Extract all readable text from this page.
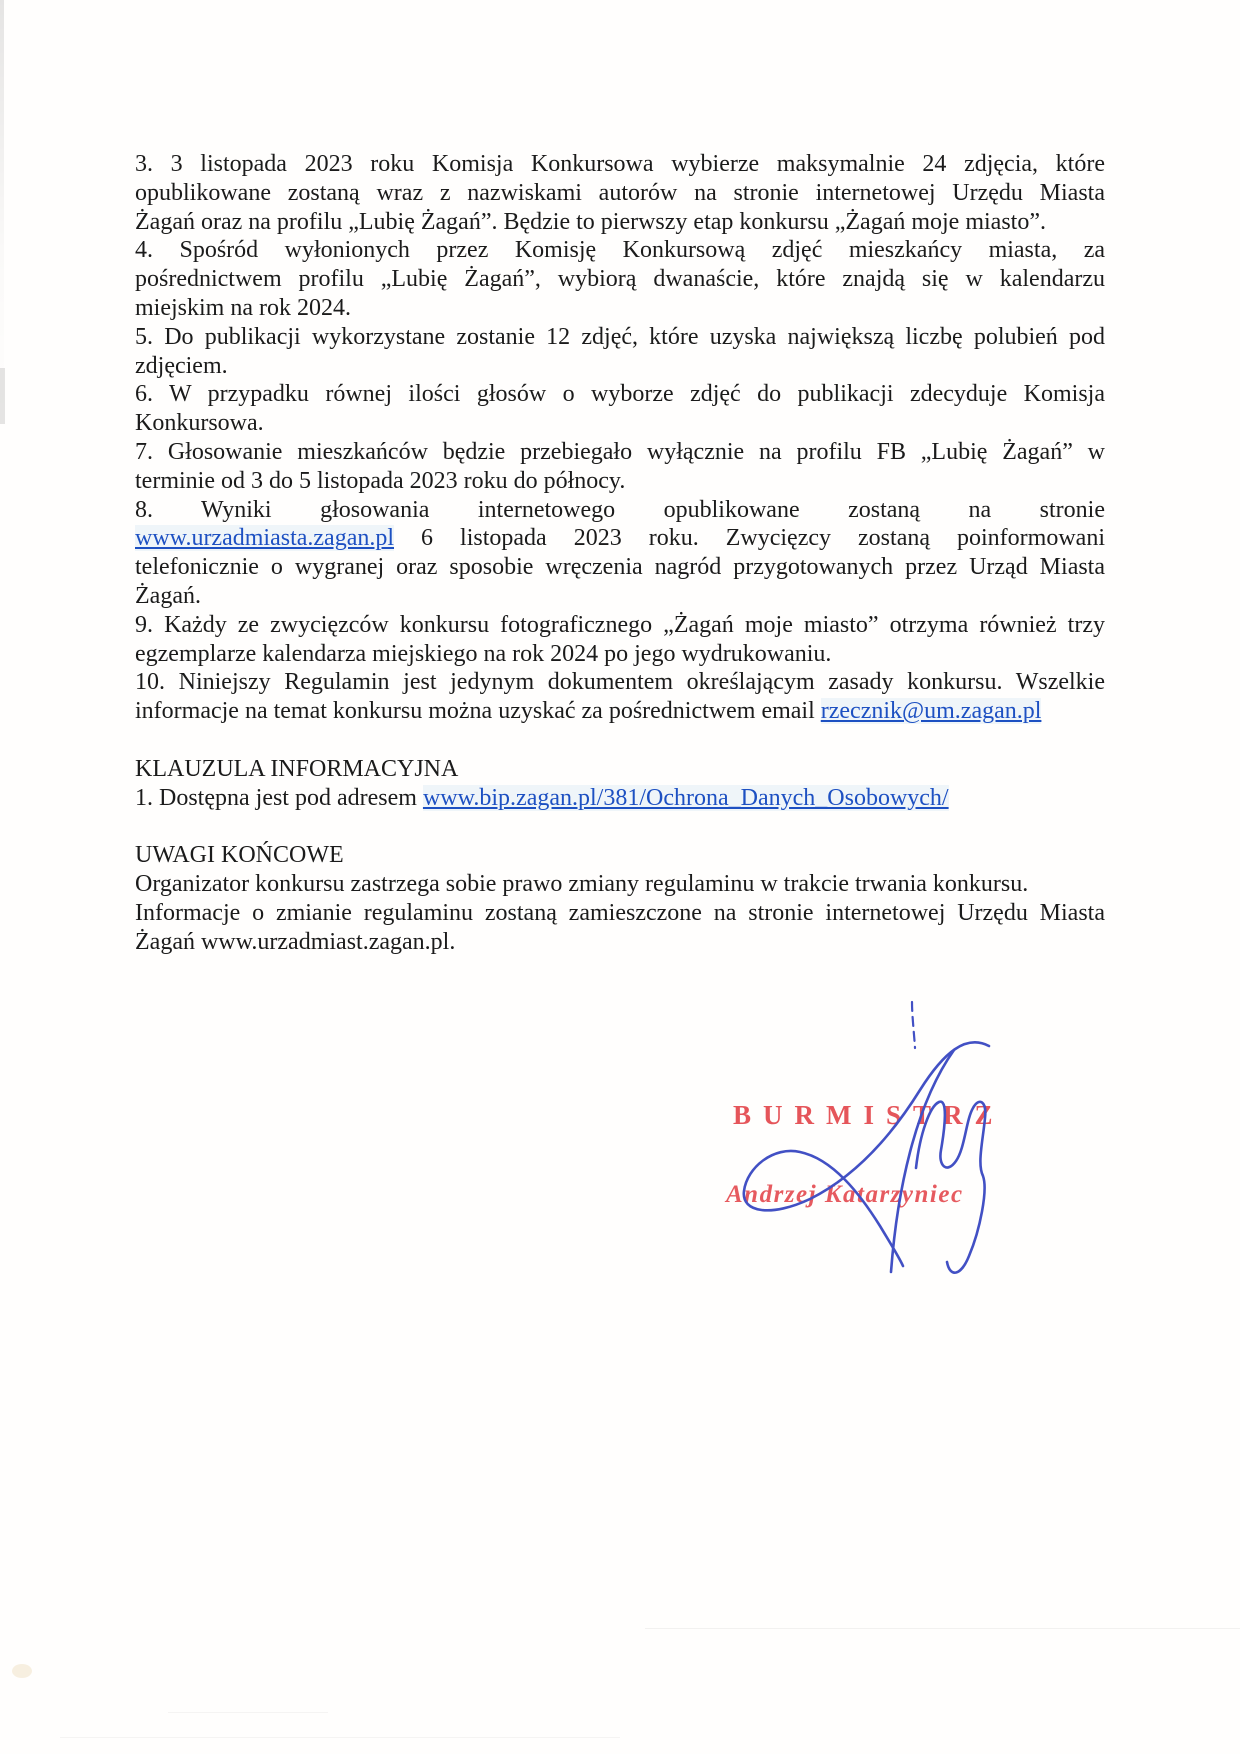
3. 3 listopada 2023 roku Komisja Konkursowa wybierze maksymalnie 24 zdjęcia, które
opublikowane zostaną wraz z nazwiskami autorów na stronie internetowej Urzędu Miasta
Żagań oraz na profilu „Lubię Żagań”. Będzie to pierwszy etap konkursu „Żagań moje miasto”.
4. Spośród wyłonionych przez Komisję Konkursową zdjęć mieszkańcy miasta, za
pośrednictwem profilu „Lubię Żagań”, wybiorą dwanaście, które znajdą się w kalendarzu
miejskim na rok 2024.
5. Do publikacji wykorzystane zostanie 12 zdjęć, które uzyska największą liczbę polubień pod
zdjęciem.
6. W przypadku równej ilości głosów o wyborze zdjęć do publikacji zdecyduje Komisja
Konkursowa.
7. Głosowanie mieszkańców będzie przebiegało wyłącznie na profilu FB „Lubię Żagań” w
terminie od 3 do 5 listopada 2023 roku do północy.
8. Wyniki głosowania internetowego opublikowane zostaną na stronie
www.urzadmiasta.zagan.pl 6 listopada 2023 roku. Zwycięzcy zostaną poinformowani
telefonicznie o wygranej oraz sposobie wręczenia nagród przygotowanych przez Urząd Miasta
Żagań.
9. Każdy ze zwycięzców konkursu fotograficznego „Żagań moje miasto” otrzyma również trzy
egzemplarze kalendarza miejskiego na rok 2024 po jego wydrukowaniu.
10. Niniejszy Regulamin jest jedynym dokumentem określającym zasady konkursu. Wszelkie
informacje na temat konkursu można uzyskać za pośrednictwem email rzecznik@um.zagan.pl
KLAUZULA INFORMACYJNA
1. Dostępna jest pod adresem www.bip.zagan.pl/381/Ochrona_Danych_Osobowych/
UWAGI KOŃCOWE
Organizator konkursu zastrzega sobie prawo zmiany regulaminu w trakcie trwania konkursu.
Informacje o zmianie regulaminu zostaną zamieszczone na stronie internetowej Urzędu Miasta
Żagań www.urzadmiast.zagan.pl.
BURMISTRZ
Andrzej Katarzyniec
